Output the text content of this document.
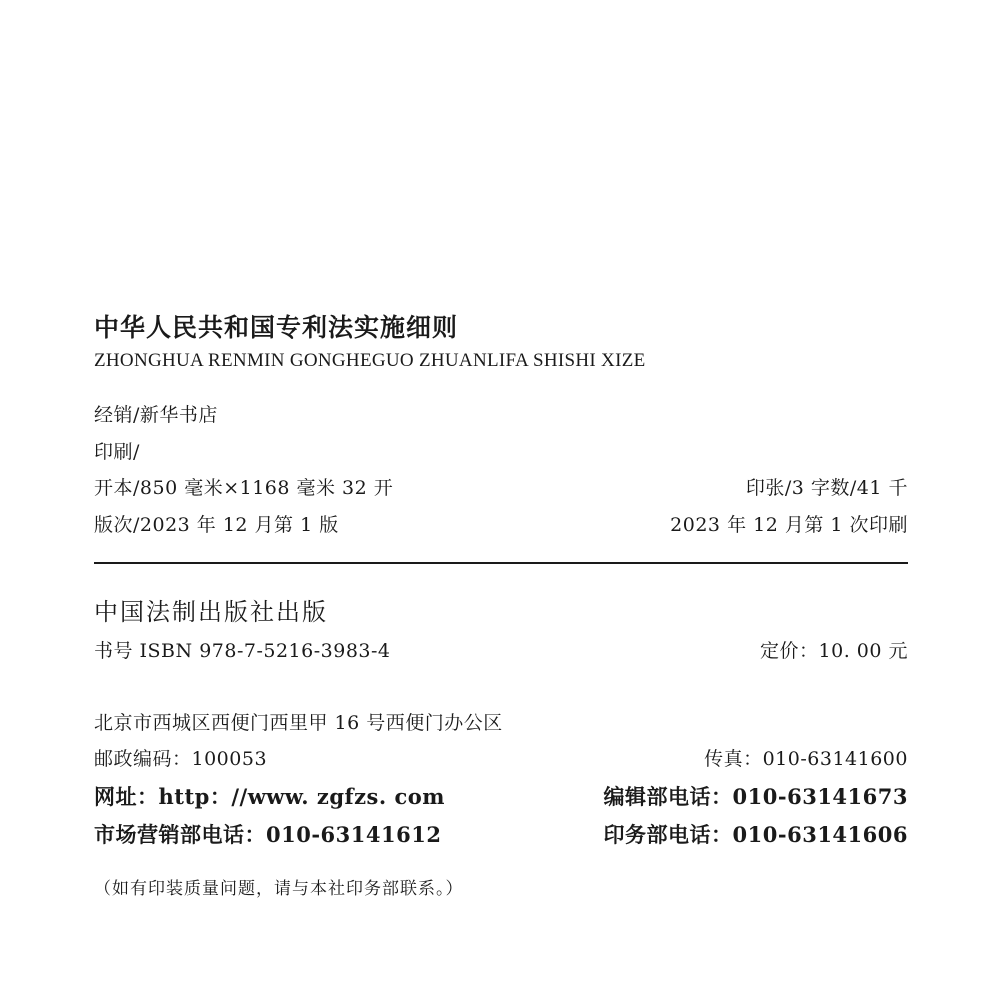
中华人民共和国专利法实施细则
ZHONGHUA RENMIN GONGHEGUO ZHUANLIFA SHISHI XIZE
经销/新华书店
印刷/
开本/850 毫米×1168 毫米 32 开	印张/3 字数/41 千
版次/2023 年 12 月第 1 版	2023 年 12 月第 1 次印刷
中国法制出版社出版
书号 ISBN 978-7-5216-3983-4	定价：10. 00 元
北京市西城区西便门西里甲 16 号西便门办公区
邮政编码：100053	传真：010-63141600
网址：http：//www. zgfzs. com	编辑部电话：010-63141673
市场营销部电话：010-63141612	印务部电话：010-63141606
（如有印装质量问题，请与本社印务部联系。）
